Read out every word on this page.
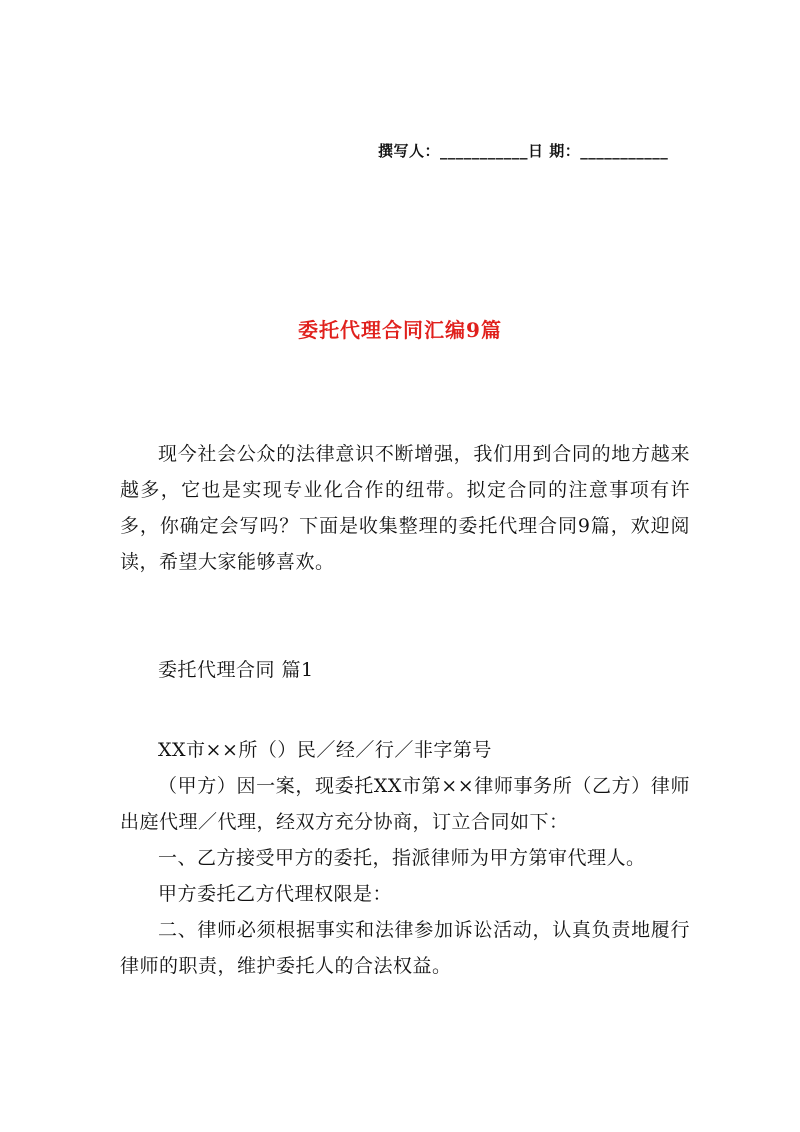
撰写人：___________日 期：___________
委托代理合同汇编9篇

现今社会公众的法律意识不断增强，我们用到合同的地方越来越多，它也是实现专业化合作的纽带。拟定合同的注意事项有许多，你确定会写吗？下面是收集整理的委托代理合同9篇，欢迎阅读，希望大家能够喜欢。

委托代理合同 篇1

XX市××所（）民／经／行／非字第号

（甲方）因一案，现委托XX市第××律师事务所（乙方）律师出庭代理／代理，经双方充分协商，订立合同如下：

一、乙方接受甲方的委托，指派律师为甲方第审代理人。

甲方委托乙方代理权限是：

二、律师必须根据事实和法律参加诉讼活动，认真负责地履行律师的职责，维护委托人的合法权益。
